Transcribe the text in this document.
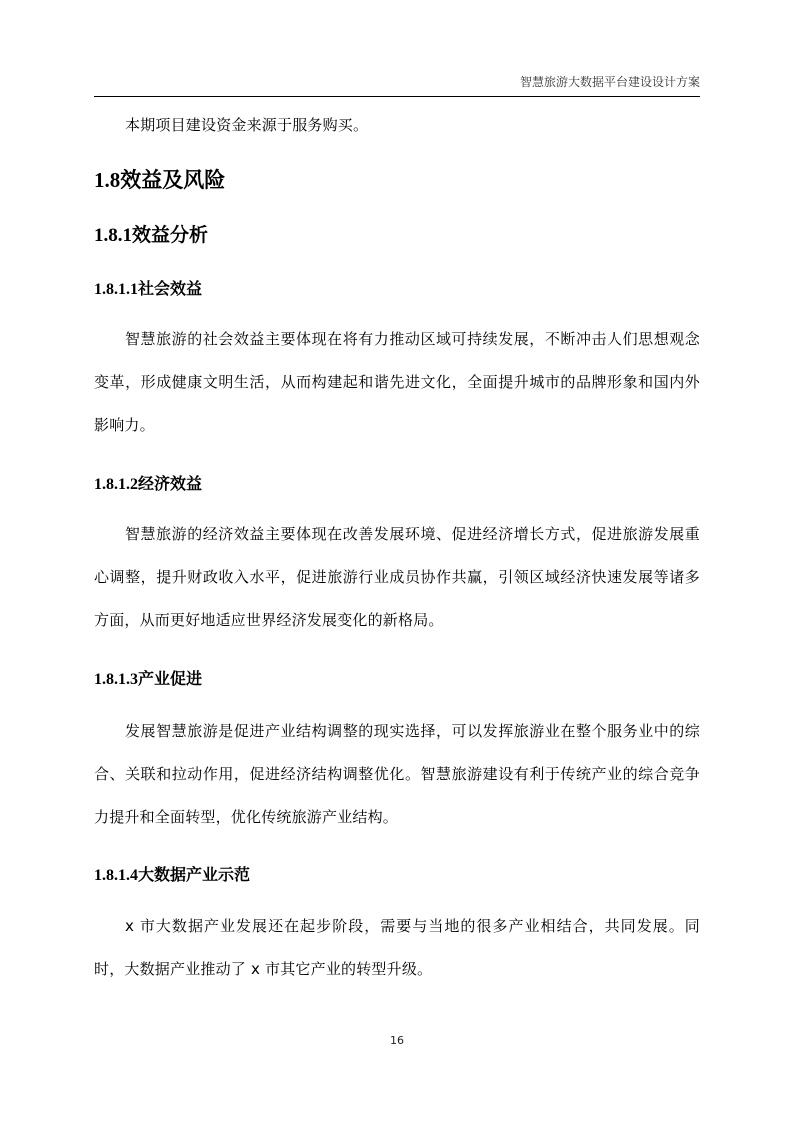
智慧旅游大数据平台建设设计方案

本期项目建设资金来源于服务购买。

1.8效益及风险
1.8.1效益分析
1.8.1.1社会效益

智慧旅游的社会效益主要体现在将有力推动区域可持续发展，不断冲击人们思想观念变革，形成健康文明生活，从而构建起和谐先进文化，全面提升城市的品牌形象和国内外影响力。

1.8.1.2经济效益

智慧旅游的经济效益主要体现在改善发展环境、促进经济增长方式，促进旅游发展重心调整，提升财政收入水平，促进旅游行业成员协作共赢，引领区域经济快速发展等诸多方面，从而更好地适应世界经济发展变化的新格局。

1.8.1.3产业促进

发展智慧旅游是促进产业结构调整的现实选择，可以发挥旅游业在整个服务业中的综合、关联和拉动作用，促进经济结构调整优化。智慧旅游建设有利于传统产业的综合竞争力提升和全面转型，优化传统旅游产业结构。

1.8.1.4大数据产业示范

x 市大数据产业发展还在起步阶段，需要与当地的很多产业相结合，共同发展。同时，大数据产业推动了 x 市其它产业的转型升级。

16
